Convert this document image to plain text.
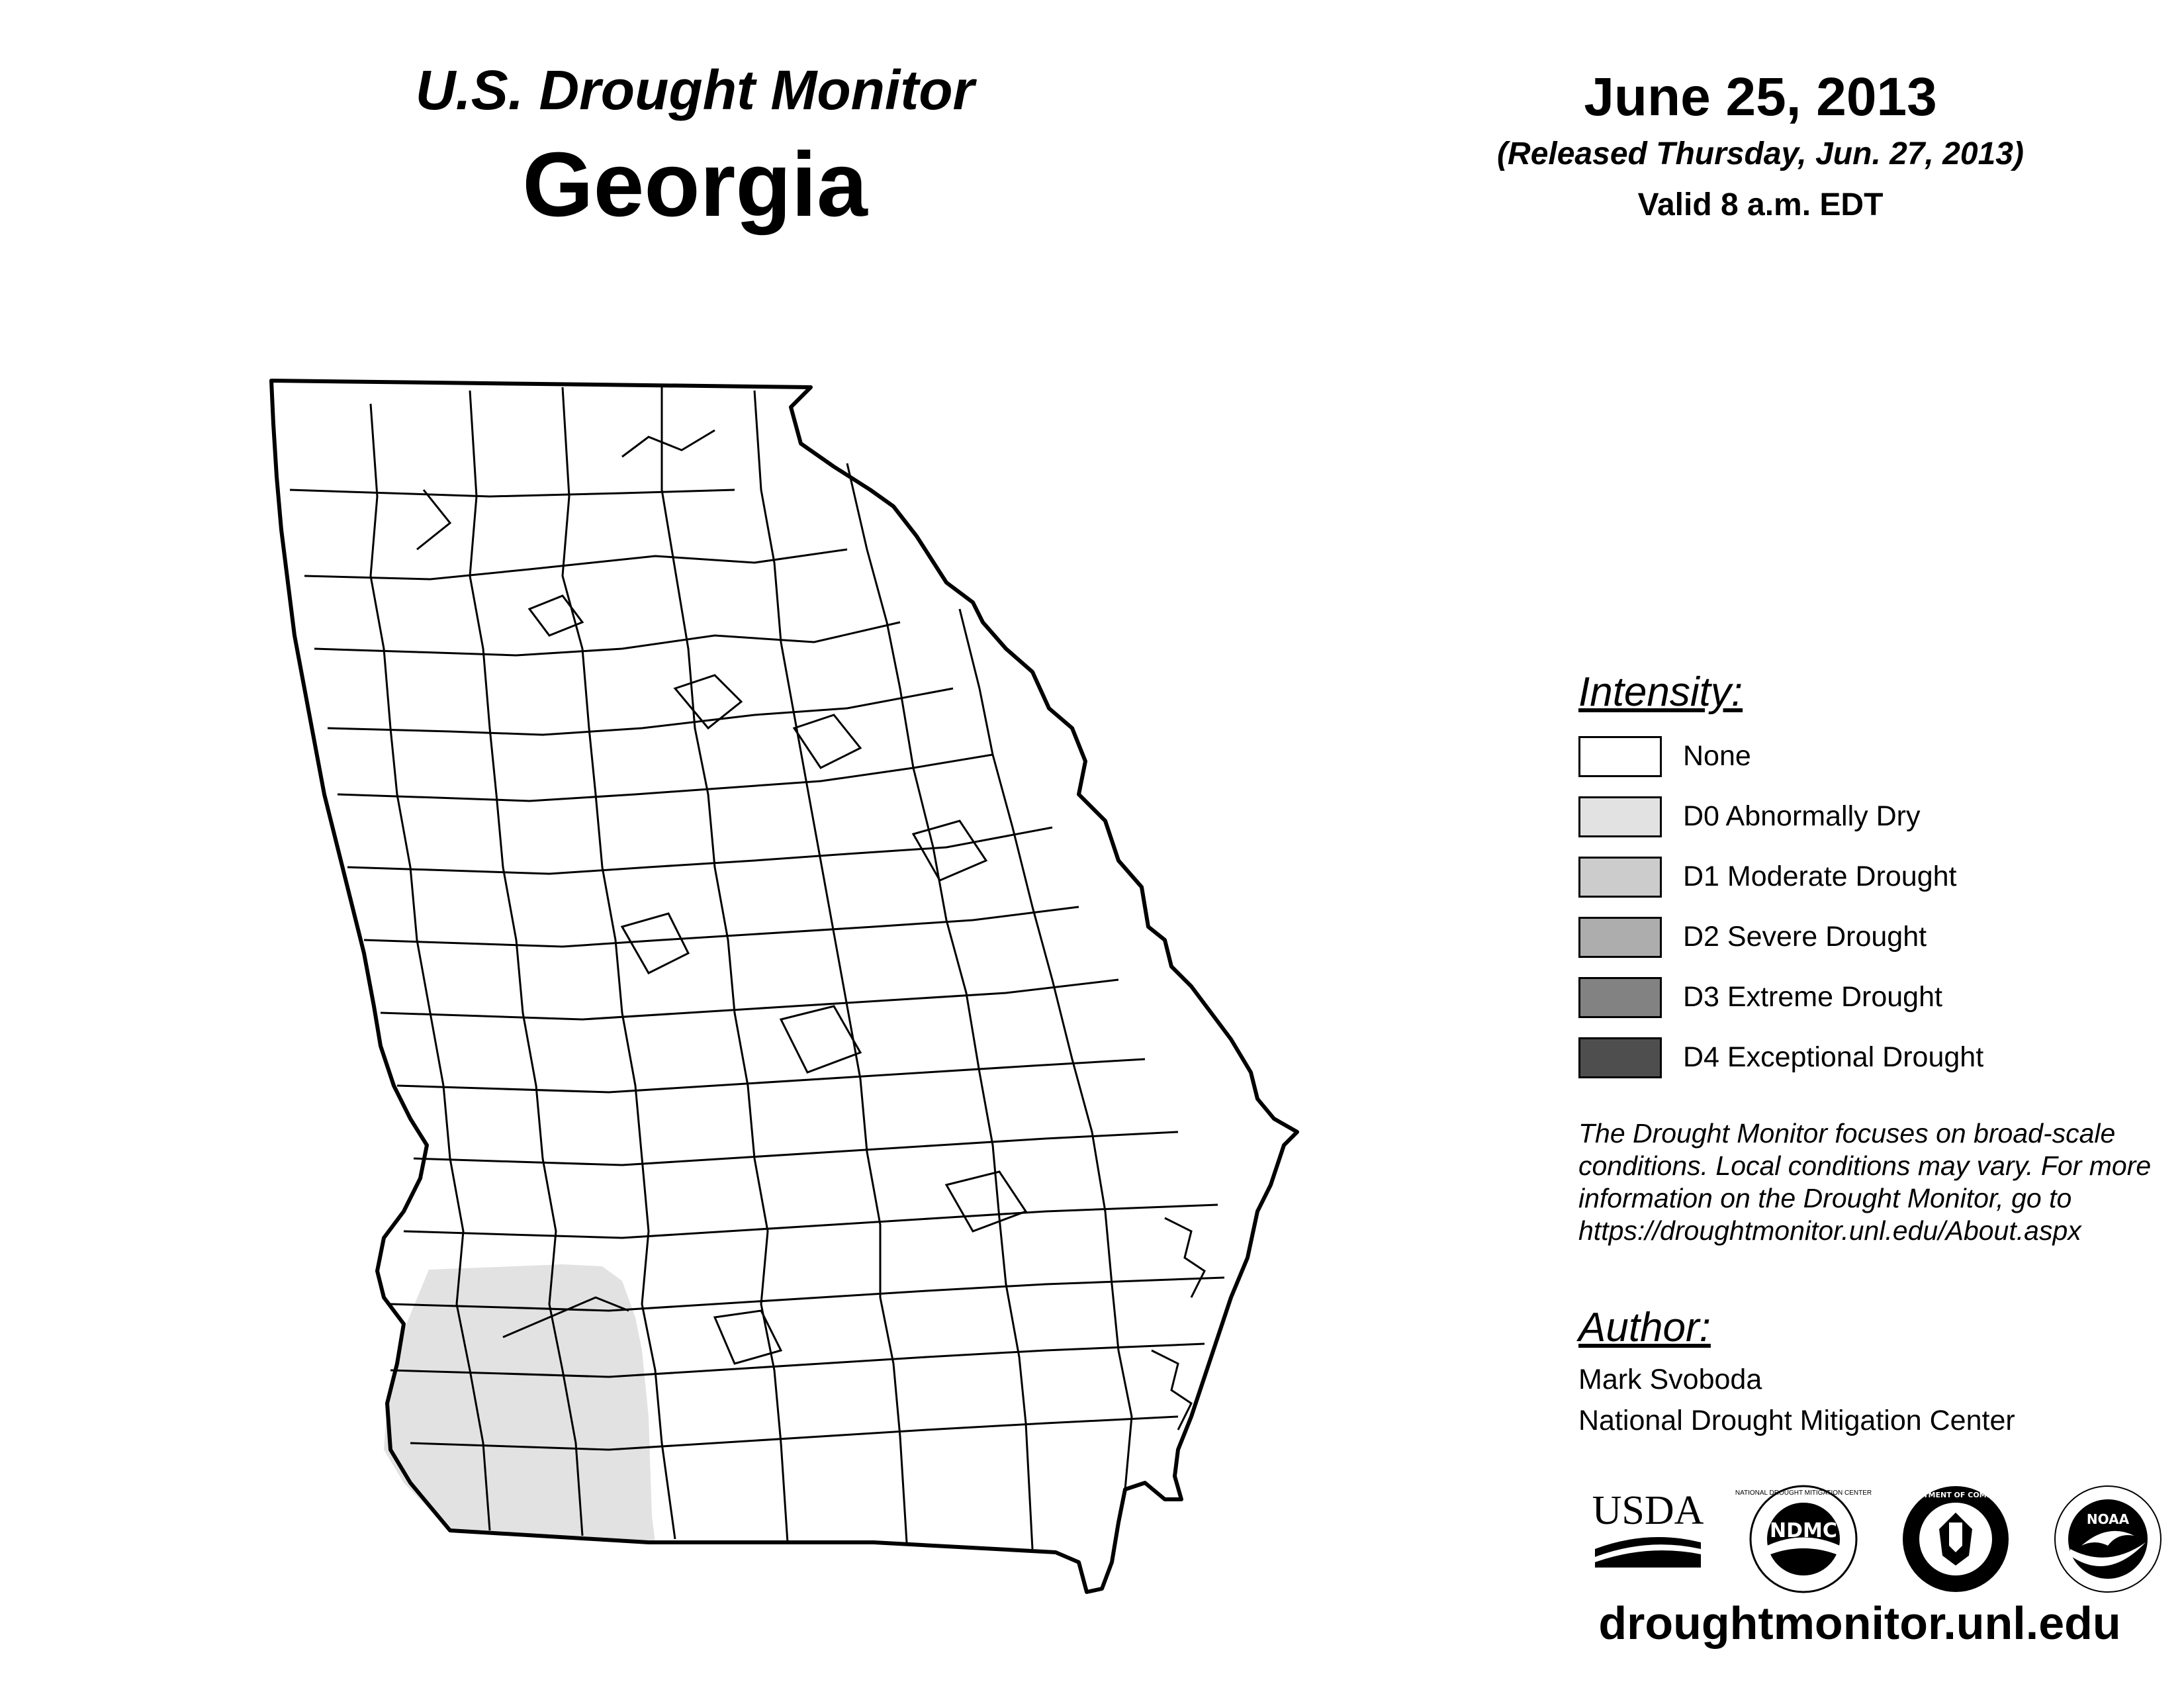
U.S. Drought Monitor
Georgia
June 25, 2013
(Released Thursday, Jun. 27, 2013)
Valid 8 a.m. EDT
Intensity:
None
D0 Abnormally Dry
D1 Moderate Drought
D2 Severe Drought
D3 Extreme Drought
D4 Exceptional Drought
The Drought Monitor focuses on broad-scale conditions. Local conditions may vary. For more information on the Drought Monitor, go to https://droughtmonitor.unl.edu/About.aspx
Author:
Mark Svoboda
National Drought Mitigation Center
USDA	NDMC
NATIONAL DROUGHT MITIGATION CENTER	DEPARTMENT OF COMMERCE
NOAA
droughtmonitor.unl.edu
